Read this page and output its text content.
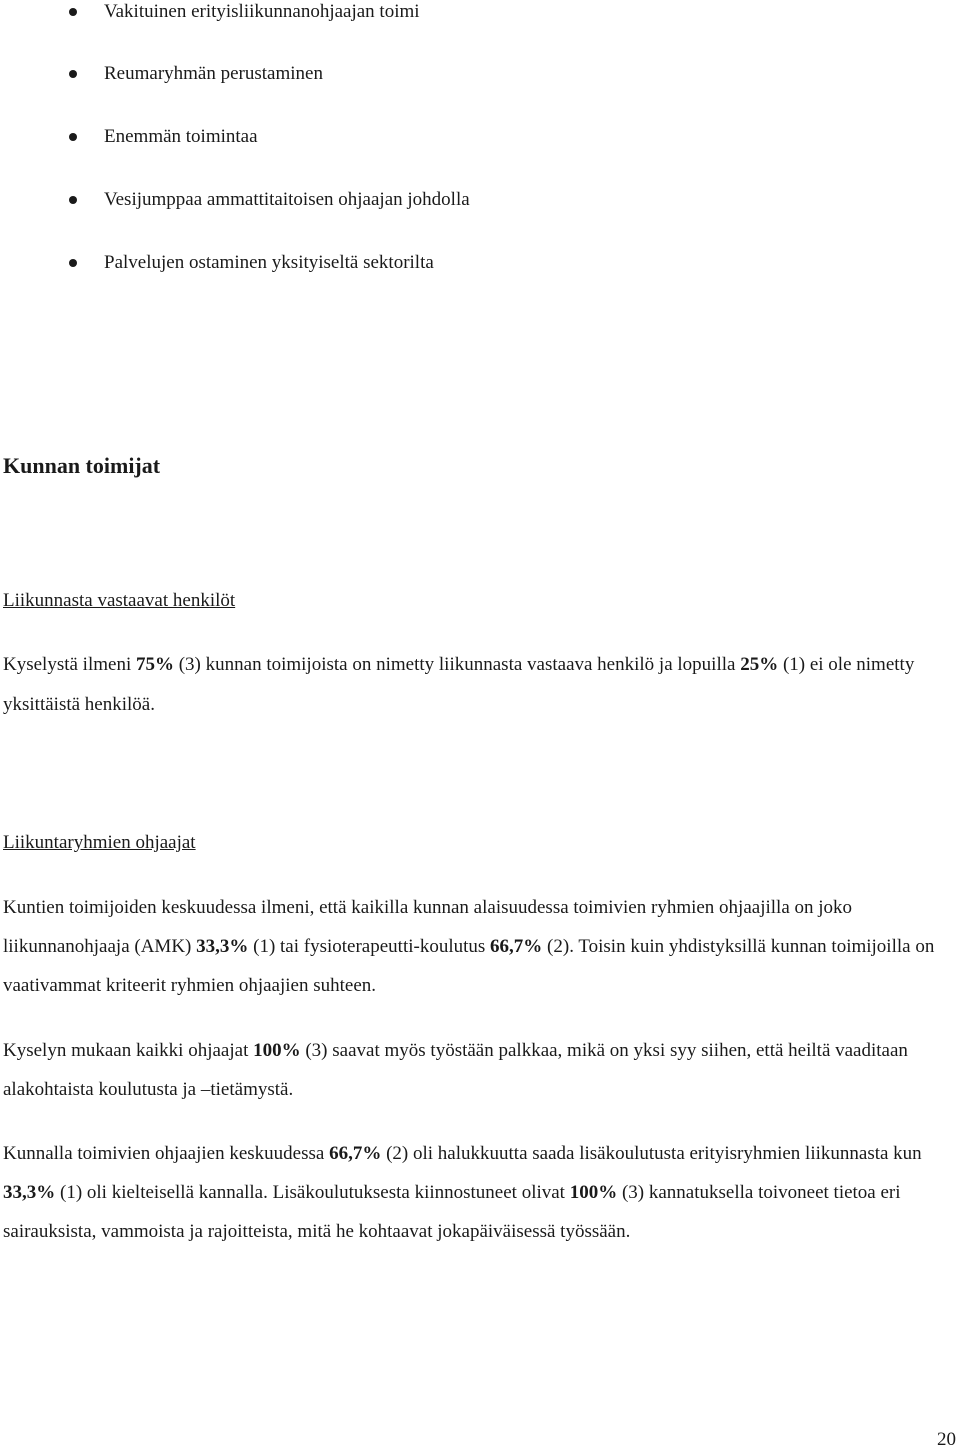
Vakituinen erityisliikunnanohjaajan toimi
Reumaryhmän perustaminen
Enemmän toimintaa
Vesijumppaa ammattitaitoisen ohjaajan johdolla
Palvelujen ostaminen yksityiseltä sektorilta
Kunnan toimijat
Liikunnasta vastaavat henkilöt

Kyselystä ilmeni 75% (3) kunnan toimijoista on nimetty liikunnasta vastaava henkilö ja lopuilla 25% (1) ei ole nimetty yksittäistä henkilöä.

Liikuntaryhmien ohjaajat

Kuntien toimijoiden keskuudessa ilmeni, että kaikilla kunnan alaisuudessa toimivien ryhmien ohjaajilla on joko liikunnanohjaaja (AMK) 33,3% (1) tai fysioterapeutti-koulutus 66,7% (2). Toisin kuin yhdistyksillä kunnan toimijoilla on vaativammat kriteerit ryhmien ohjaajien suhteen.

Kyselyn mukaan kaikki ohjaajat 100% (3) saavat myös työstään palkkaa, mikä on yksi syy siihen, että heiltä vaaditaan alakohtaista koulutusta ja –tietämystä.

Kunnalla toimivien ohjaajien keskuudessa 66,7% (2) oli halukkuutta saada lisäkoulutusta erityisryhmien liikunnasta kun 33,3% (1) oli kielteisellä kannalla. Lisäkoulutuksesta kiinnostuneet olivat 100% (3) kannatuksella toivoneet tietoa eri sairauksista, vammoista ja rajoitteista, mitä he kohtaavat jokapäiväisessä työssään.

20
